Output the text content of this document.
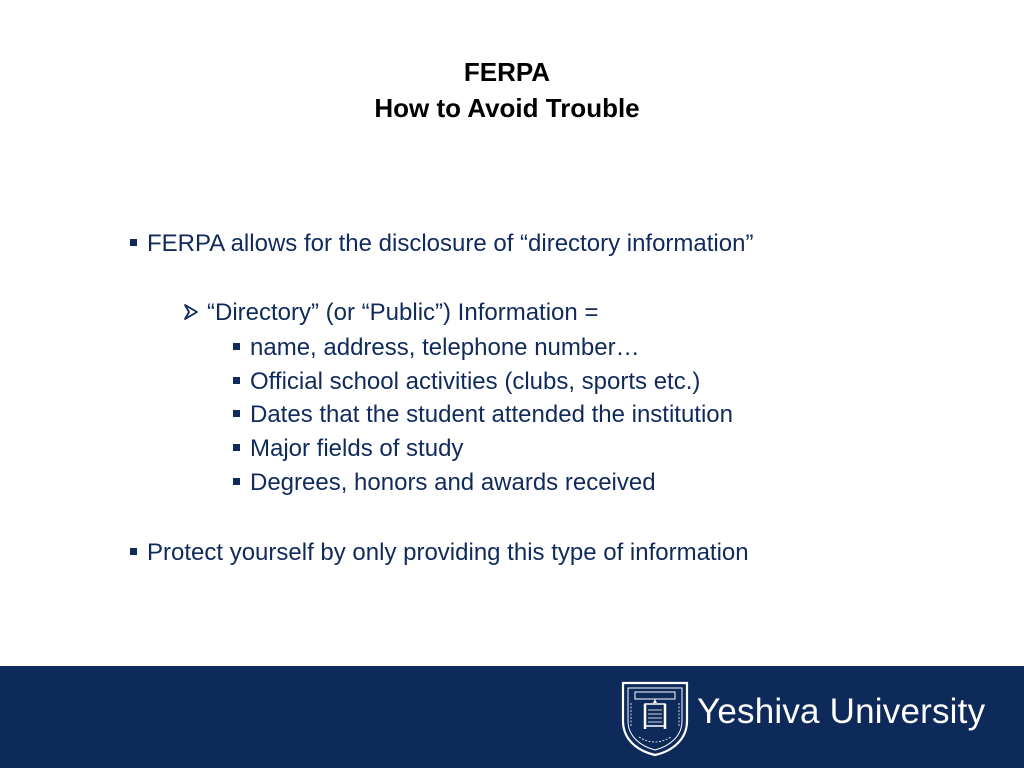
FERPA
How to Avoid Trouble
FERPA allows for the disclosure of “directory information”
“Directory” (or “Public”) Information =
name, address, telephone number…
Official school activities (clubs, sports etc.)
Dates that the student attended the institution
Major fields of study
Degrees, honors and awards received
Protect yourself by only providing this type of information
Yeshiva University
